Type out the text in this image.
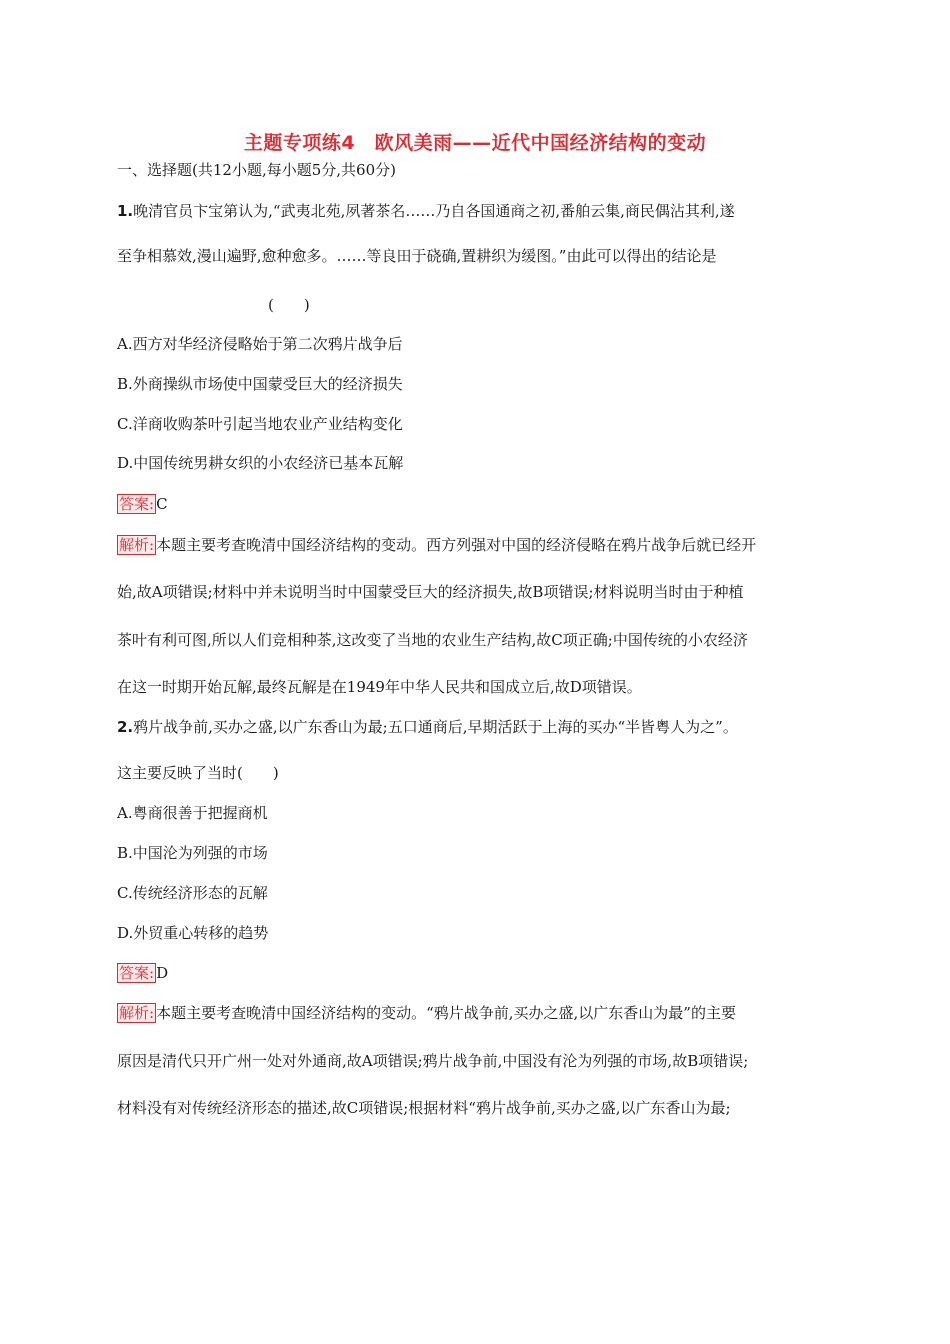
主题专项练4　欧风美雨——近代中国经济结构的变动
一、选择题(共12小题,每小题5分,共60分)
1.晚清官员卞宝第认为,“武夷北苑,夙著茶名……乃自各国通商之初,番舶云集,商民偶沾其利,遂
至争相慕效,漫山遍野,愈种愈多。……等良田于硗确,置耕织为缓图。”由此可以得出的结论是
(　　)
A.西方对华经济侵略始于第二次鸦片战争后
B.外商操纵市场使中国蒙受巨大的经济损失
C.洋商收购茶叶引起当地农业产业结构变化
D.中国传统男耕女织的小农经济已基本瓦解
答案: C
解析: 本题主要考查晚清中国经济结构的变动。西方列强对中国的经济侵略在鸦片战争后就已经开
始,故A项错误;材料中并未说明当时中国蒙受巨大的经济损失,故B项错误;材料说明当时由于种植
茶叶有利可图,所以人们竞相种茶,这改变了当地的农业生产结构,故C项正确;中国传统的小农经济
在这一时期开始瓦解,最终瓦解是在1949年中华人民共和国成立后,故D项错误。
2.鸦片战争前,买办之盛,以广东香山为最;五口通商后,早期活跃于上海的买办“半皆粤人为之”。
这主要反映了当时(　　)
A.粤商很善于把握商机
B.中国沦为列强的市场
C.传统经济形态的瓦解
D.外贸重心转移的趋势
答案: D
解析: 本题主要考查晚清中国经济结构的变动。“鸦片战争前,买办之盛,以广东香山为最”的主要
原因是清代只开广州一处对外通商,故A项错误;鸦片战争前,中国没有沦为列强的市场,故B项错误;
材料没有对传统经济形态的描述,故C项错误;根据材料“鸦片战争前,买办之盛,以广东香山为最;
